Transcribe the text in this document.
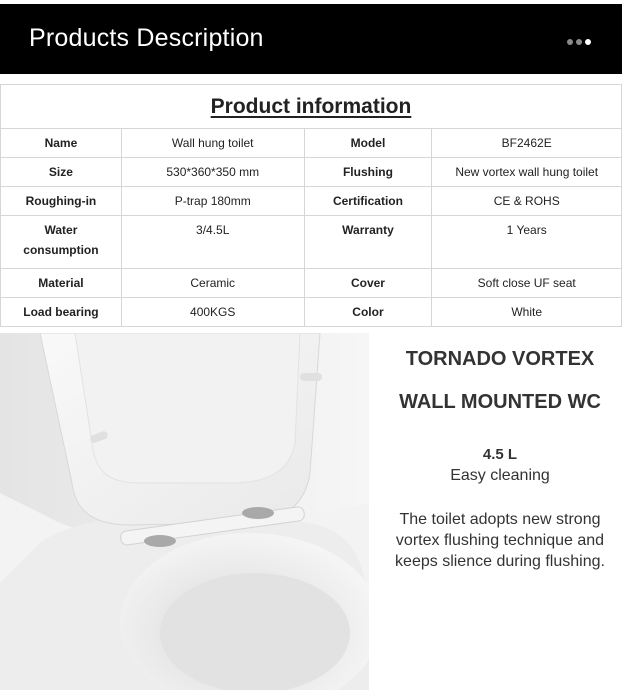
Products Description
Product information
Name	Wall hung toilet	Model	BF2462E
Size	530*360*350 mm	Flushing	New vortex wall hung toilet
Roughing-in	P-trap 180mm	Certification	CE & ROHS
Water
consumption	3/4.5L	Warranty	1 Years
Material	Ceramic	Cover	Soft close UF seat
Load bearing	400KGS	Color	White
TORNADO VORTEX
WALL MOUNTED WC
4.5 L
Easy cleaning
The toilet adopts new strong vortex flushing technique and keeps slience during flushing.
